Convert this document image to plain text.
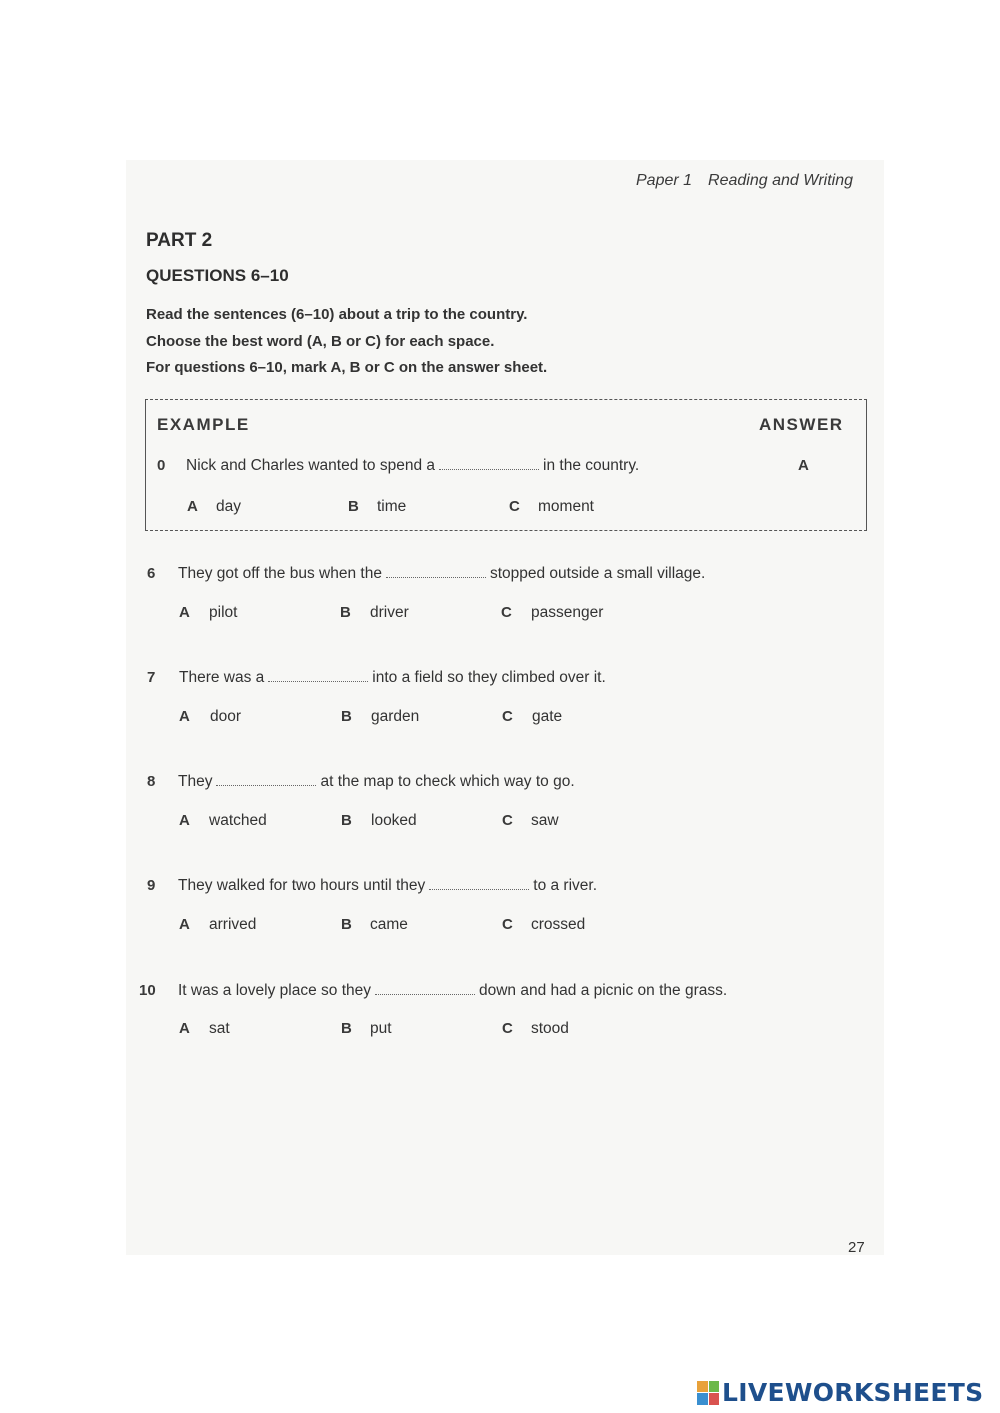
Paper 1 Reading and Writing
PART 2
QUESTIONS 6–10
Read the sentences (6–10) about a trip to the country.
Choose the best word (A, B or C) for each space.
For questions 6–10, mark A, B or C on the answer sheet.
EXAMPLE	ANSWER
0 Nick and Charles wanted to spend a	in the country.	A
A day	B time	C moment
6 They got off the bus when the	stopped outside a small village.
A pilot	B driver	C passenger
7 There was a	into a field so they climbed over it.
A door	B garden	C gate
8 They	at the map to check which way to go.
A watched	B looked	C saw
9 They walked for two hours until they	to a river.
A arrived	B came	C crossed
10 It was a lovely place so they	down and had a picnic on the grass.
A sat	B put	C stood
27
LIVEWORKSHEETS
